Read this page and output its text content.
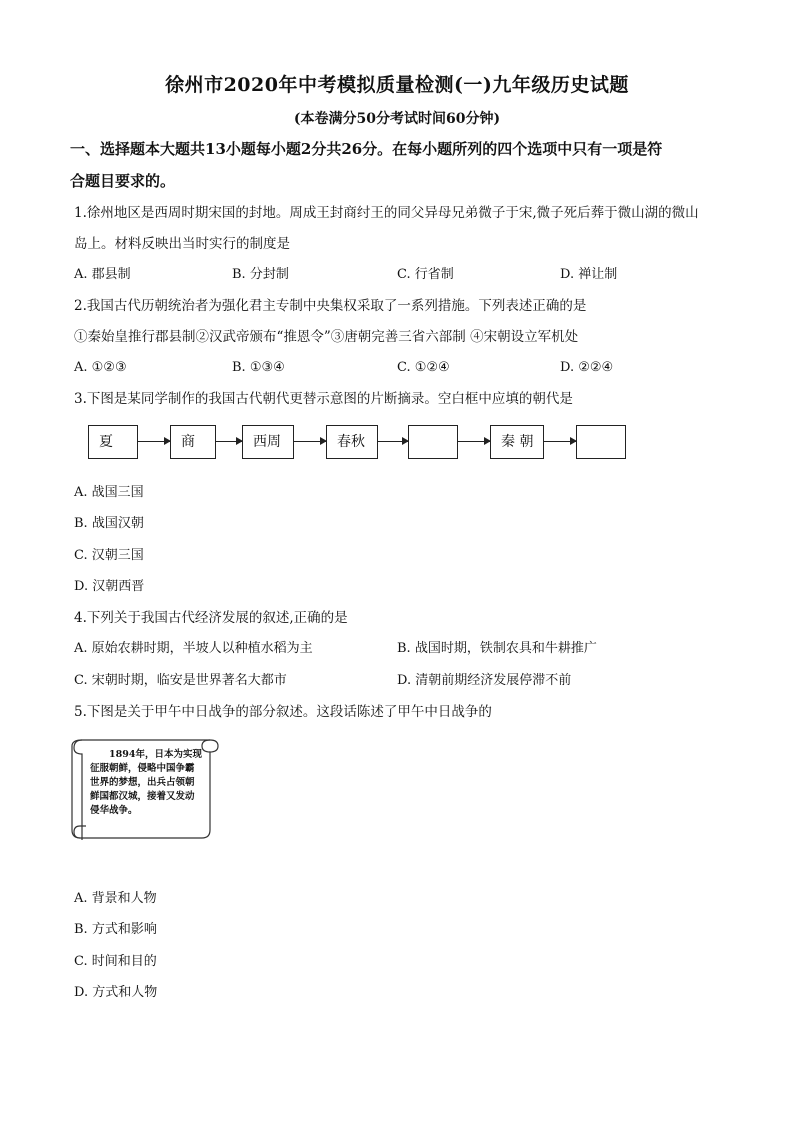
徐州市2020年中考模拟质量检测(一)九年级历史试题
(本卷满分50分考试时间60分钟)
一、选择题本大题共13小题每小题2分共26分。在每小题所列的四个选项中只有一项是符
合题目要求的。
1.徐州地区是西周时期宋国的封地。周成王封商纣王的同父异母兄弟微子于宋,微子死后葬于微山湖的微山
岛上。材料反映出当时实行的制度是
A. 郡县制	B. 分封制	C. 行省制	D. 禅让制
2.我国古代历朝统治者为强化君主专制中央集权采取了一系列措施。下列表述正确的是
①秦始皇推行郡县制②汉武帝颁布“推恩令”③唐朝完善三省六部制 ④宋朝设立军机处
A. ①②③	B. ①③④	C. ①②④	D. ②②④
3.下图是某同学制作的我国古代朝代更替示意图的片断摘录。空白框中应填的朝代是
夏	商	西周	春秋	秦 朝
A. 战国三国
B. 战国汉朝
C. 汉朝三国
D. 汉朝西晋
4.下列关于我国古代经济发展的叙述,正确的是
A. 原始农耕时期，半坡人以种植水稻为主	B. 战国时期，铁制农具和牛耕推广
C. 宋朝时期，临安是世界著名大都市	D. 清朝前期经济发展停滞不前
5.下图是关于甲午中日战争的部分叙述。这段话陈述了甲午中日战争的
1894年，日本为实现征服朝鲜，侵略中国争霸世界的梦想，出兵占领朝鲜国都汉城，接着又发动侵华战争。
A. 背景和人物
B. 方式和影响
C. 时间和目的
D. 方式和人物
